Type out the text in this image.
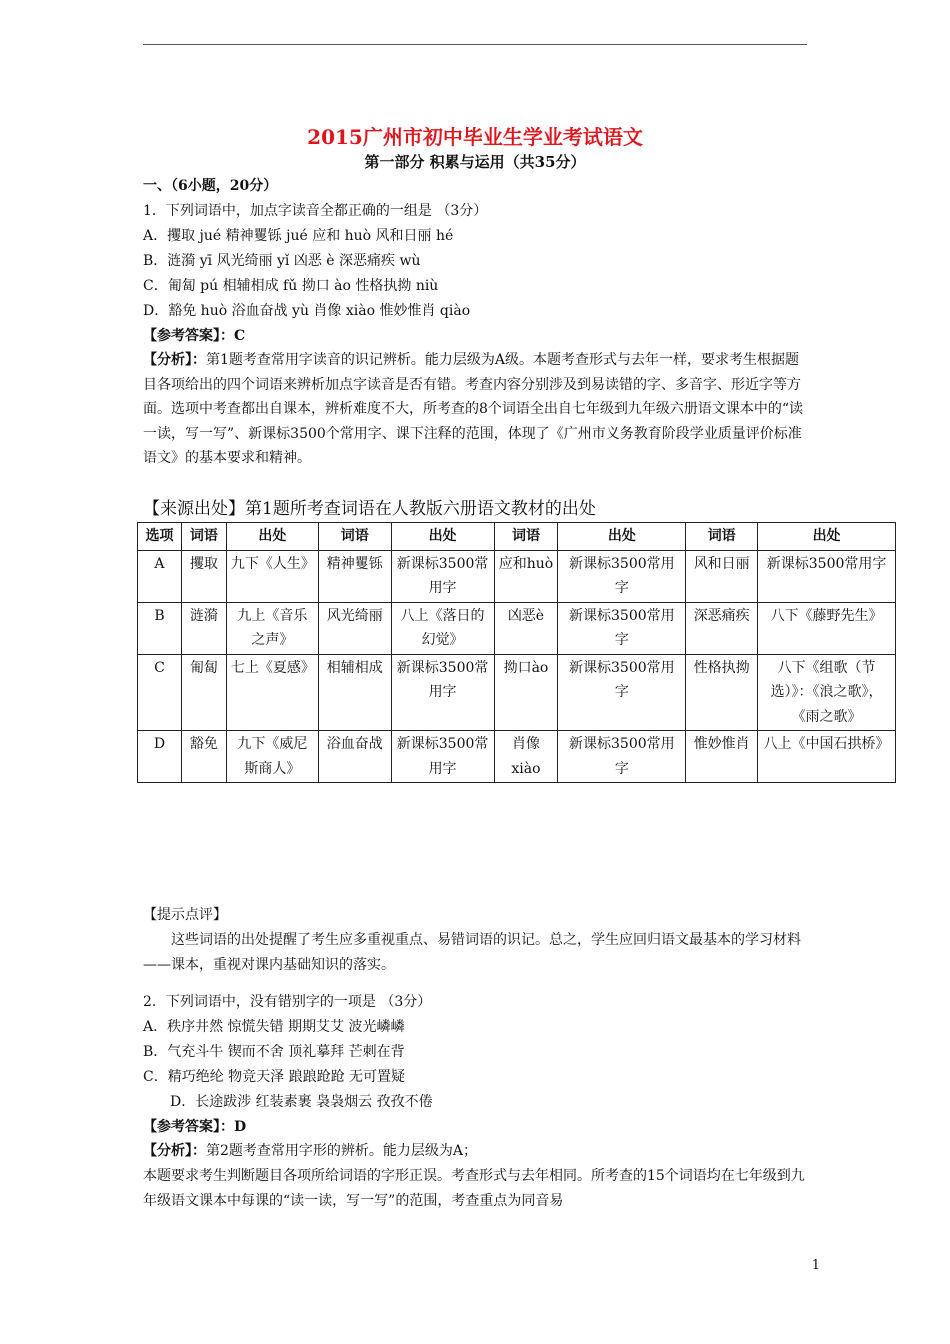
2015广州市初中毕业生学业考试语文
第一部分 积累与运用（共35分）
一、（6小题，20分）
1．下列词语中，加点字读音全都正确的一组是 （3分）
A．攫取 jué 精神矍铄 jué 应和 huò 风和日丽 hé
B．涟漪 yī 风光绮丽 yǐ 凶恶 è 深恶痛疾 wù
C．匍匐 pú 相辅相成 fǔ 拗口 ào 性格执拗 niù
D．豁免 huò 浴血奋战 yù 肖像 xiào 惟妙惟肖 qiào
【参考答案】：C
【分析】：第1题考查常用字读音的识记辨析。能力层级为A级。本题考查形式与去年一样，要求考生根据题目各项给出的四个词语来辨析加点字读音是否有错。考查内容分别涉及到易读错的字、多音字、形近字等方面。选项中考查都出自课本，辨析难度不大，所考查的8个词语全出自七年级到九年级六册语文课本中的“读一读，写一写”、新课标3500个常用字、课下注释的范围，体现了《广州市义务教育阶段学业质量评价标准语文》的基本要求和精神。
【来源出处】第1题所考查词语在人教版六册语文教材的出处
选项	词语	出处	词语	出处	词语	出处	词语	出处
A	攫取	九下《人生》	精神矍铄	新课标3500常用字	应和huò	新课标3500常用字	风和日丽	新课标3500常用字
B	涟漪	九上《音乐之声》	风光绮丽	八上《落日的幻觉》	凶恶è	新课标3500常用字	深恶痛疾	八下《藤野先生》
C	匍匐	七上《夏感》	相辅相成	新课标3500常用字	拗口ào	新课标3500常用字	性格执拗	八下《组歌（节选）》：《浪之歌》，《雨之歌》
D	豁免	九下《威尼斯商人》	浴血奋战	新课标3500常用字	肖像xiào	新课标3500常用字	惟妙惟肖	八上《中国石拱桥》
【提示点评】
这些词语的出处提醒了考生应多重视重点、易错词语的识记。总之，学生应回归语文最基本的学习材料——课本，重视对课内基础知识的落实。
2．下列词语中，没有错别字的一项是 （3分）
A．秩序井然 惊慌失错 期期艾艾 波光嶙嶙
B．气充斗牛 锲而不舍 顶礼摹拜 芒刺在背
C．精巧绝纶 物竞天泽 踉踉跄跄 无可置疑
D．长途跋涉 红装素裹 袅袅烟云 孜孜不倦
【参考答案】：D
【分析】：第2题考查常用字形的辨析。能力层级为A；
本题要求考生判断题目各项所给词语的字形正误。考查形式与去年相同。所考查的15个词语均在七年级到九年级语文课本中每课的“读一读，写一写”的范围，考查重点为同音易
1
